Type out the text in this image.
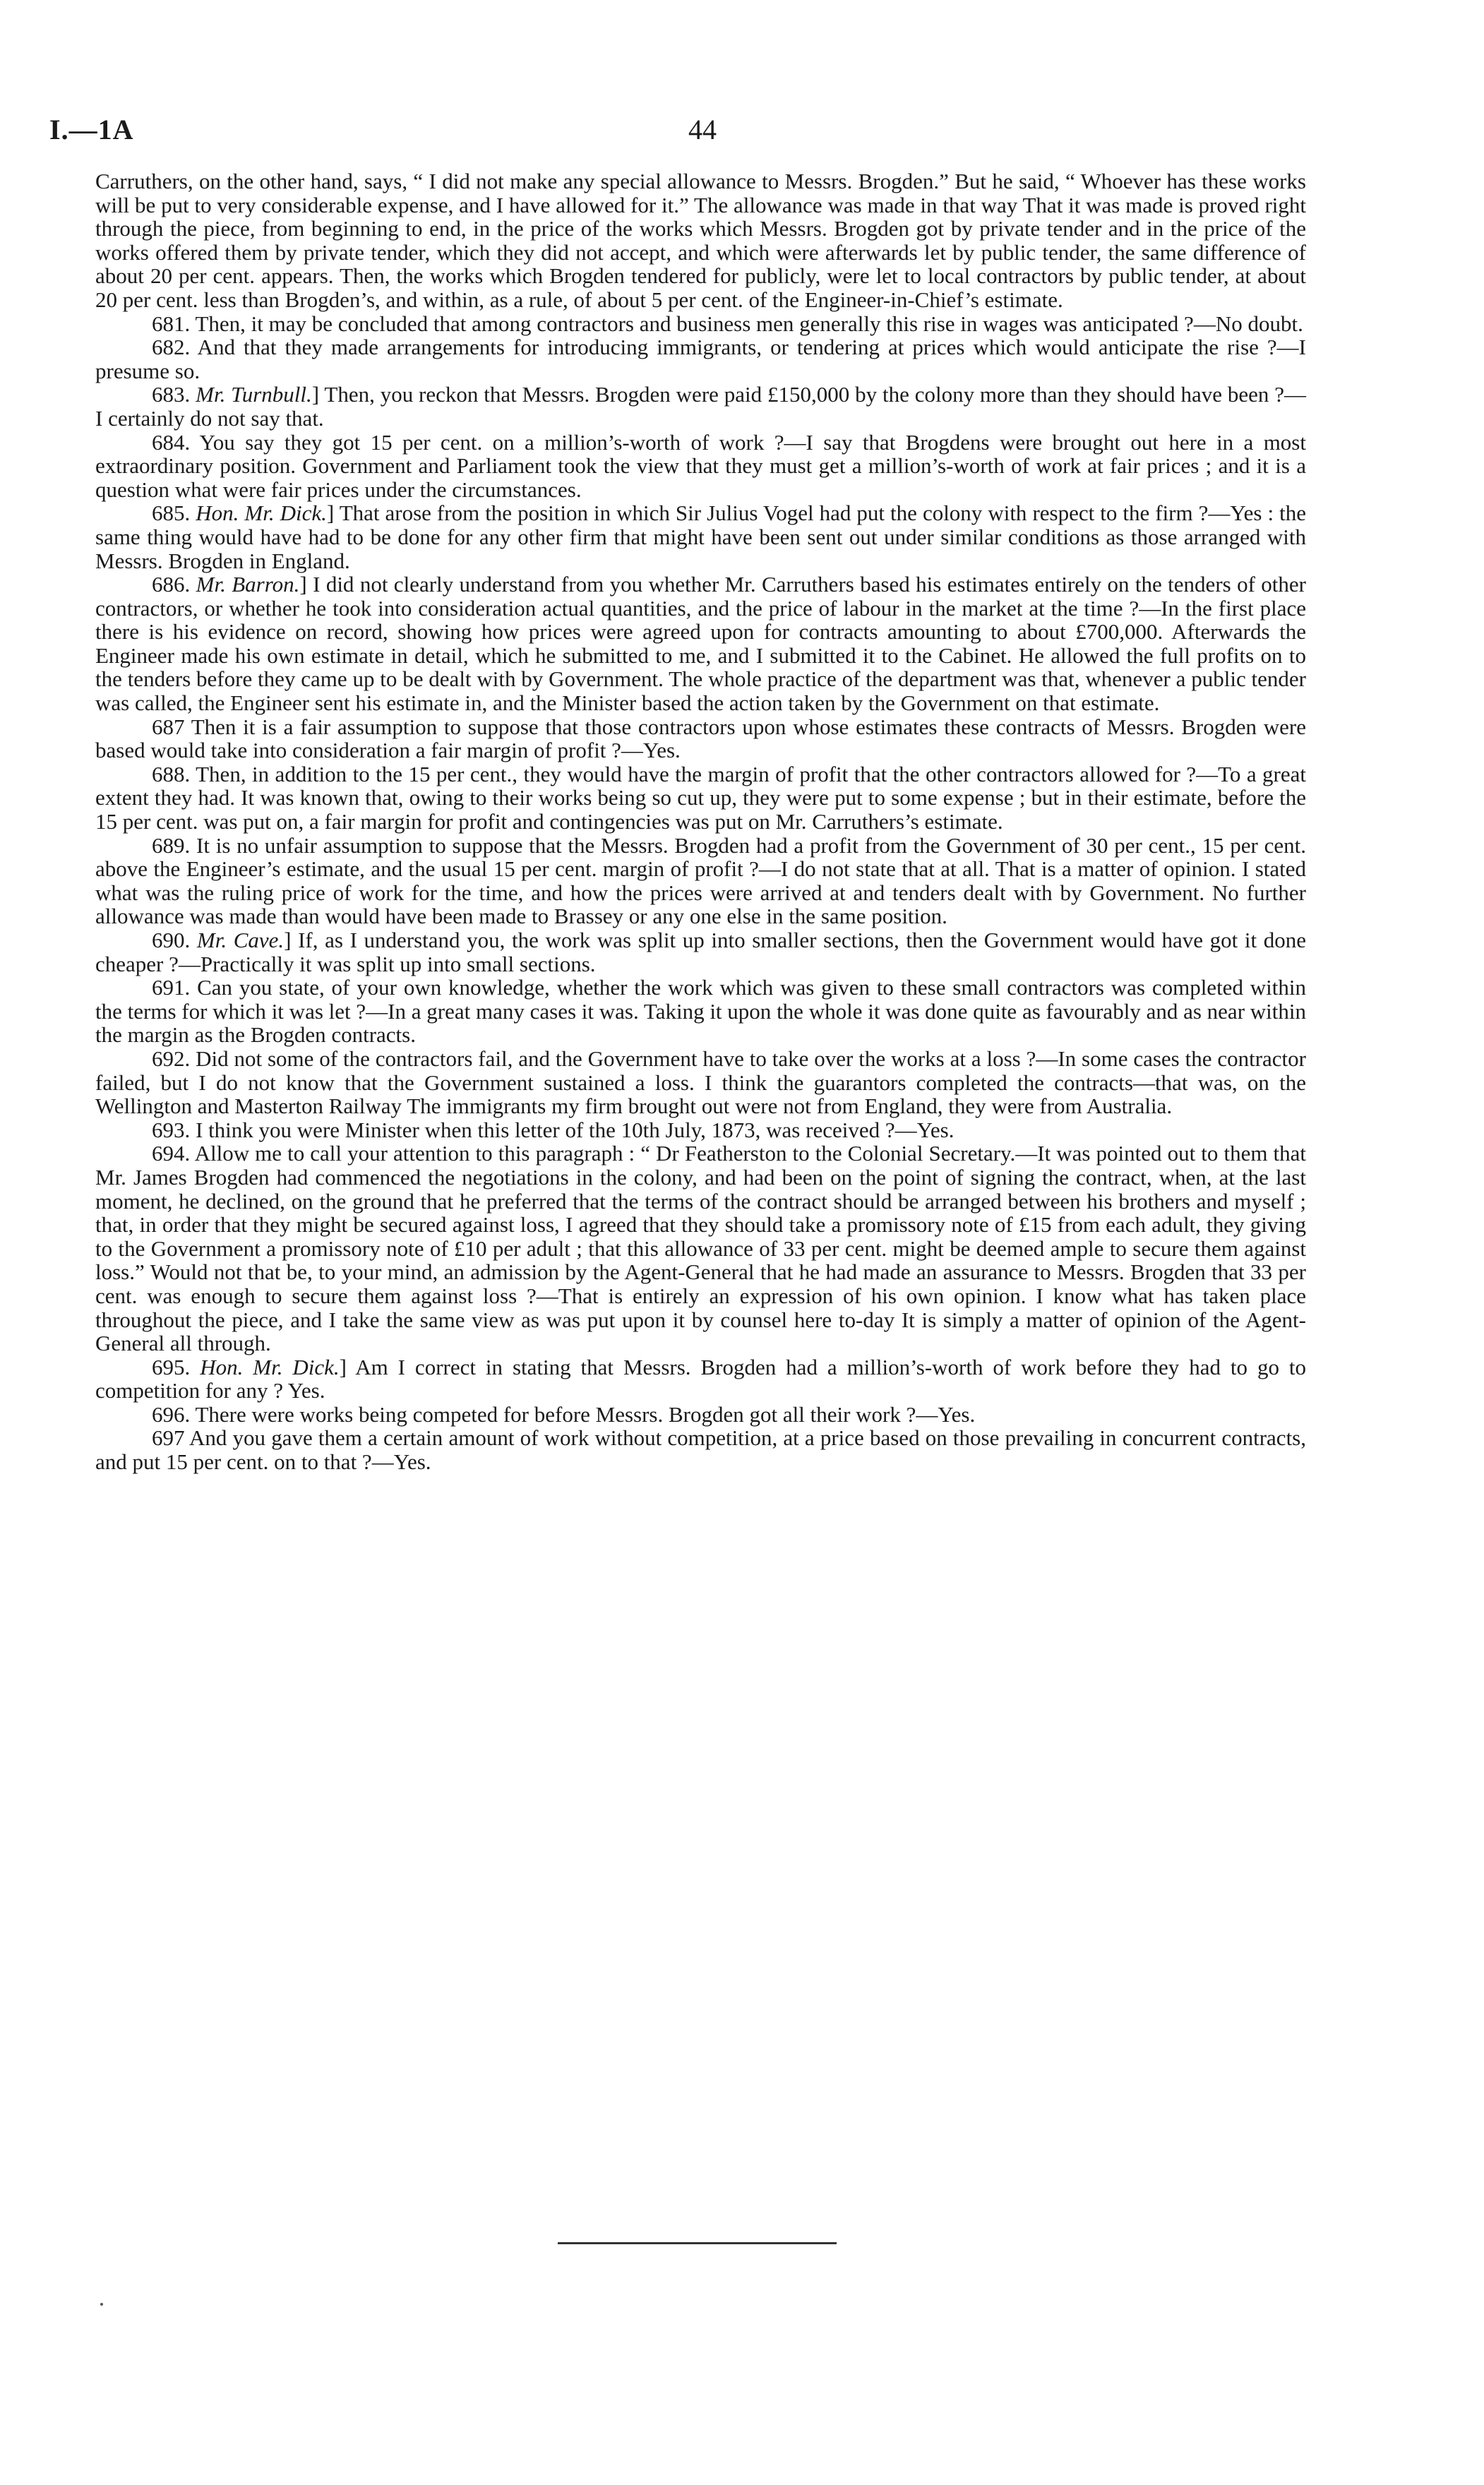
I.—1A	44

Carruthers, on the other hand, says, “ I did not make any special allowance to Messrs. Brogden.” But he said, “ Whoever has these works will be put to very considerable expense, and I have allowed for it.” The allowance was made in that way That it was made is proved right through the piece, from beginning to end, in the price of the works which Messrs. Brogden got by private tender and in the price of the works offered them by private tender, which they did not accept, and which were afterwards let by public tender, the same difference of about 20 per cent. appears. Then, the works which Brogden tendered for publicly, were let to local contractors by public tender, at about 20 per cent. less than Brogden’s, and within, as a rule, of about 5 per cent. of the Engineer-in-Chief’s estimate.

681. Then, it may be concluded that among contractors and business men generally this rise in wages was anticipated ?—No doubt.

682. And that they made arrangements for introducing immigrants, or tendering at prices which would anticipate the rise ?—I presume so.

683. Mr. Turnbull.] Then, you reckon that Messrs. Brogden were paid £150,000 by the colony more than they should have been ?—I certainly do not say that.

684. You say they got 15 per cent. on a million’s-worth of work ?—I say that Brogdens were brought out here in a most extraordinary position. Government and Parliament took the view that they must get a million’s-worth of work at fair prices ; and it is a question what were fair prices under the circumstances.

685. Hon. Mr. Dick.] That arose from the position in which Sir Julius Vogel had put the colony with respect to the firm ?—Yes : the same thing would have had to be done for any other firm that might have been sent out under similar conditions as those arranged with Messrs. Brogden in England.

686. Mr. Barron.] I did not clearly understand from you whether Mr. Carruthers based his estimates entirely on the tenders of other contractors, or whether he took into consideration actual quantities, and the price of labour in the market at the time ?—In the first place there is his evidence on record, showing how prices were agreed upon for contracts amounting to about £700,000. Afterwards the Engineer made his own estimate in detail, which he submitted to me, and I submitted it to the Cabinet. He allowed the full profits on to the tenders before they came up to be dealt with by Government. The whole practice of the department was that, whenever a public tender was called, the Engineer sent his estimate in, and the Minister based the action taken by the Government on that estimate.

687 Then it is a fair assumption to suppose that those contractors upon whose estimates these contracts of Messrs. Brogden were based would take into consideration a fair margin of profit ?—Yes.

688. Then, in addition to the 15 per cent., they would have the margin of profit that the other contractors allowed for ?—To a great extent they had. It was known that, owing to their works being so cut up, they were put to some expense ; but in their estimate, before the 15 per cent. was put on, a fair margin for profit and contingencies was put on Mr. Carruthers’s estimate.

689. It is no unfair assumption to suppose that the Messrs. Brogden had a profit from the Government of 30 per cent., 15 per cent. above the Engineer’s estimate, and the usual 15 per cent. margin of profit ?—I do not state that at all. That is a matter of opinion. I stated what was the ruling price of work for the time, and how the prices were arrived at and tenders dealt with by Government. No further allowance was made than would have been made to Brassey or any one else in the same position.

690. Mr. Cave.] If, as I understand you, the work was split up into smaller sections, then the Government would have got it done cheaper ?—Practically it was split up into small sections.

691. Can you state, of your own knowledge, whether the work which was given to these small contractors was completed within the terms for which it was let ?—In a great many cases it was. Taking it upon the whole it was done quite as favourably and as near within the margin as the Brogden contracts.

692. Did not some of the contractors fail, and the Government have to take over the works at a loss ?—In some cases the contractor failed, but I do not know that the Government sustained a loss. I think the guarantors completed the contracts—that was, on the Wellington and Masterton Railway The immigrants my firm brought out were not from England, they were from Australia.

693. I think you were Minister when this letter of the 10th July, 1873, was received ?—Yes.

694. Allow me to call your attention to this paragraph : “ Dr Featherston to the Colonial Secretary.—It was pointed out to them that Mr. James Brogden had commenced the negotiations in the colony, and had been on the point of signing the contract, when, at the last moment, he declined, on the ground that he preferred that the terms of the contract should be arranged between his brothers and myself ; that, in order that they might be secured against loss, I agreed that they should take a promissory note of £15 from each adult, they giving to the Government a promissory note of £10 per adult ; that this allowance of 33 per cent. might be deemed ample to secure them against loss.” Would not that be, to your mind, an admission by the Agent-General that he had made an assurance to Messrs. Brogden that 33 per cent. was enough to secure them against loss ?—That is entirely an expression of his own opinion. I know what has taken place throughout the piece, and I take the same view as was put upon it by counsel here to-day It is simply a matter of opinion of the Agent-General all through.

695. Hon. Mr. Dick.] Am I correct in stating that Messrs. Brogden had a million’s-worth of work before they had to go to competition for any ? Yes.

696. There were works being competed for before Messrs. Brogden got all their work ?—Yes.

697 And you gave them a certain amount of work without competition, at a price based on those prevailing in concurrent contracts, and put 15 per cent. on to that ?—Yes.
